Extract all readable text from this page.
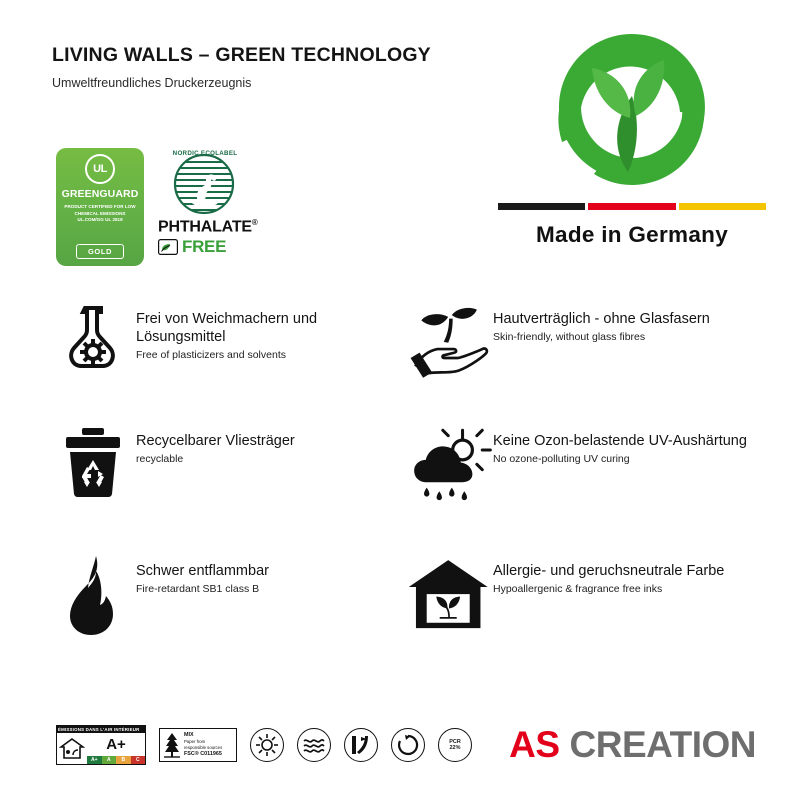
LIVING WALLS – GREEN TECHNOLOGY
Umweltfreundliches Druckerzeugnis
UL
GREENGUARD
PRODUCT CERTIFIED FOR LOW CHEMICAL EMISSIONS UL.COM/GG UL 2818
GOLD
NORDIC ECOLABEL
PHTHALATE®
FREE	Made in Germany
Frei von Weichmachern und Lösungsmittel
Free of plasticizers and solvents
Hautverträglich - ohne Glasfasern
Skin-friendly, without glass fibres
Recycelbarer Vliesträger
recyclable
Keine Ozon-belastende UV-Aushärtung
No ozone-polluting UV curing
Schwer entflammbar
Fire-retardant SB1 class B
Allergie- und geruchsneutrale Farbe
Hypoallergenic & fragrance free inks
ÉMISSIONS DANS L'AIR INTÉRIEUR
A+
A+	A	B	C
MIX
Paper from
responsible sources
FSC® C011965
PCR
22% AS CREATION
